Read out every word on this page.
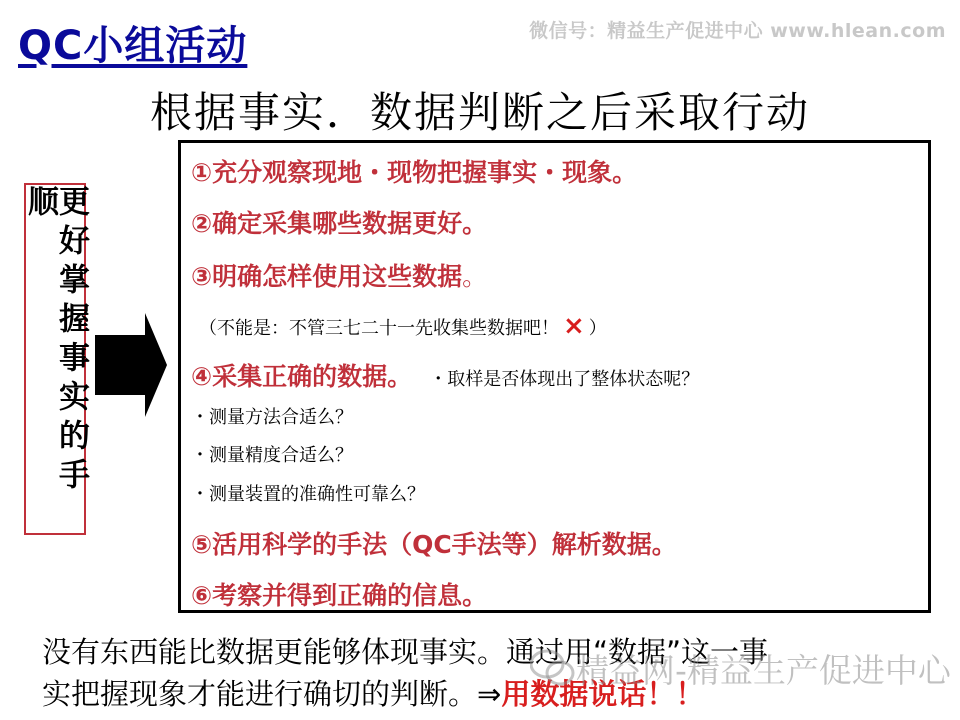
QC小组活动	微信号：精益生产促进中心 www.hlean.com
根据事实．数据判断之后采取行动
更好掌握事实的手顺
①充分观察现地・现物把握事实・现象。
②确定采集哪些数据更好。
③明确怎样使用这些数据。
（不能是：不管三七二十一先收集些数据吧！ × ）
④采集正确的数据。 ・取样是否体现出了整体状态呢？
・测量方法合适么？
・测量精度合适么？
・测量装置的准确性可靠么？
⑤活用科学的手法（QC手法等）解析数据。
⑥考察并得到正确的信息。
没有东西能比数据更能够体现事实。通过用“数据”这一事
实把握现象才能进行确切的判断。⇒用数据说话！！
精益网-精益生产促进中心
